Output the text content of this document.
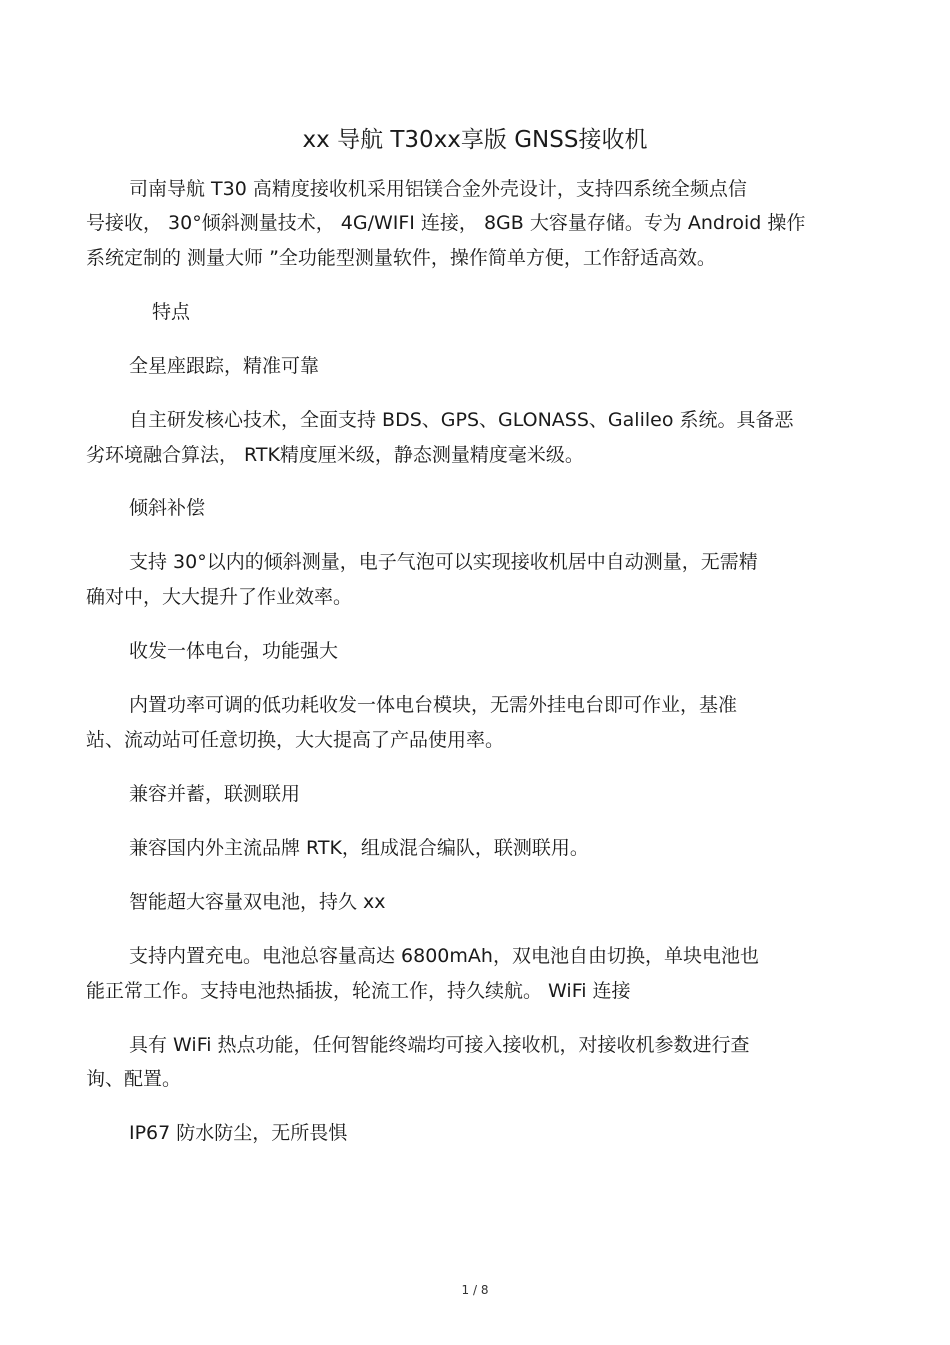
xx 导航 T30xx享版 GNSS接收机
司南导航 T30 高精度接收机采用铝镁合金外壳设计，支持四系统全频点信
号接收， 30°倾斜测量技术， 4G/WIFI 连接， 8GB 大容量存储。专为 Android 操作
系统定制的 测量大师 ”全功能型测量软件，操作简单方便，工作舒适高效。
特点
全星座跟踪，精准可靠
自主研发核心技术，全面支持 BDS、GPS、GLONASS、Galileo 系统。具备恶
劣环境融合算法， RTK精度厘米级，静态测量精度毫米级。
倾斜补偿
支持 30°以内的倾斜测量，电子气泡可以实现接收机居中自动测量，无需精
确对中，大大提升了作业效率。
收发一体电台，功能强大
内置功率可调的低功耗收发一体电台模块，无需外挂电台即可作业，基准
站、流动站可任意切换，大大提高了产品使用率。
兼容并蓄，联测联用
兼容国内外主流品牌 RTK，组成混合编队，联测联用。
智能超大容量双电池，持久 xx
支持内置充电。电池总容量高达 6800mAh，双电池自由切换，单块电池也
能正常工作。支持电池热插拔，轮流工作，持久续航。 WiFi 连接
具有 WiFi 热点功能，任何智能终端均可接入接收机，对接收机参数进行查
询、配置。
IP67 防水防尘，无所畏惧
1 / 8
